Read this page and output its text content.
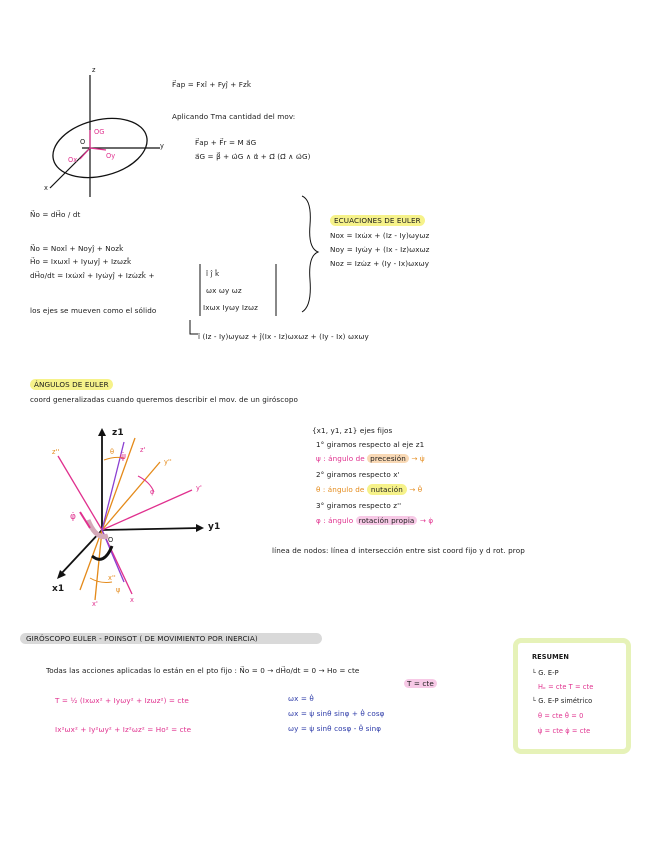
z
y
x
O
OG
Ox	Oy
F⃗ap = Fxî + Fyĵ + Fzk̂
Aplicando Tma cantidad del mov:
F⃗ap + F⃗r = M a⃗G
a⃗G = β⃗ + ω⃗G ∧ α⃗ + Ω⃗ (Ω⃗ ∧ ω⃗G)
N⃗o = dH⃗o / dt
N⃗o = Noxî + Noyĵ + Nozk̂
H⃗o = Ixωxî + Iyωyĵ + Izωzk̂
dH⃗o/dt = Ixω̇xî + Iyω̇yĵ + Izω̇zk̂ +
los ejes se mueven como el sólido
î ĵ k̂
ωx ωy ωz
Ixωx Iyωy Izωz
î (Iz - Iy)ωyωz + ĵ(Ix - Iz)ωxωz + (Iy - Ix) ωxωy
ECUACIONES DE EULER
Nox = Ixω̇x + (Iz - Iy)ωyωz
Noy = Iyω̇y + (Ix - Iz)ωxωz
Noz = Izω̇z + (Iy - Ix)ωxωy
ÁNGULOS DE EULER
coord generalizadas cuando queremos describir el mov. de un giróscopo
{x1, y1, z1} ejes fijos
1° giramos respecto al eje z1
ψ : ángulo de precesión → ψ̇
2° giramos respecto x'
θ : ángulo de nutación → θ̇
3° giramos respecto z''
φ : ángulo rotación propia → φ̇
línea de nodos: línea d intersección entre sist coord fijo y d rot. prop
z1
y1
x1
z''	z'
y''
y'
x'
x''
x
ψ
θ
φ
ψ̇
φ̇
O
GIRÓSCOPO EULER - POINSOT ( DE MOVIMIENTO POR INERCIA)
Todas las acciones aplicadas lo están en el pto fijo : N⃗o = 0 → dH⃗o/dt = 0 → Ho = cte
T = cte
T = ½ (Ixωx² + Iyωy² + Izωz²) = cte
Ix²ωx² + Iy²ωy² + Iz²ωz² = Ho² = cte
ωx = θ̇
ωx = ψ̇ sinθ sinφ + θ̇ cosφ
ωy = ψ̇ sinθ cosφ - θ̇ sinφ
RESUMEN
└ G. E-P
Hₒ = cte T = cte
└ G. E-P simétrico
θ = cte θ̇ = 0
ψ̇ = cte φ̇ = cte
